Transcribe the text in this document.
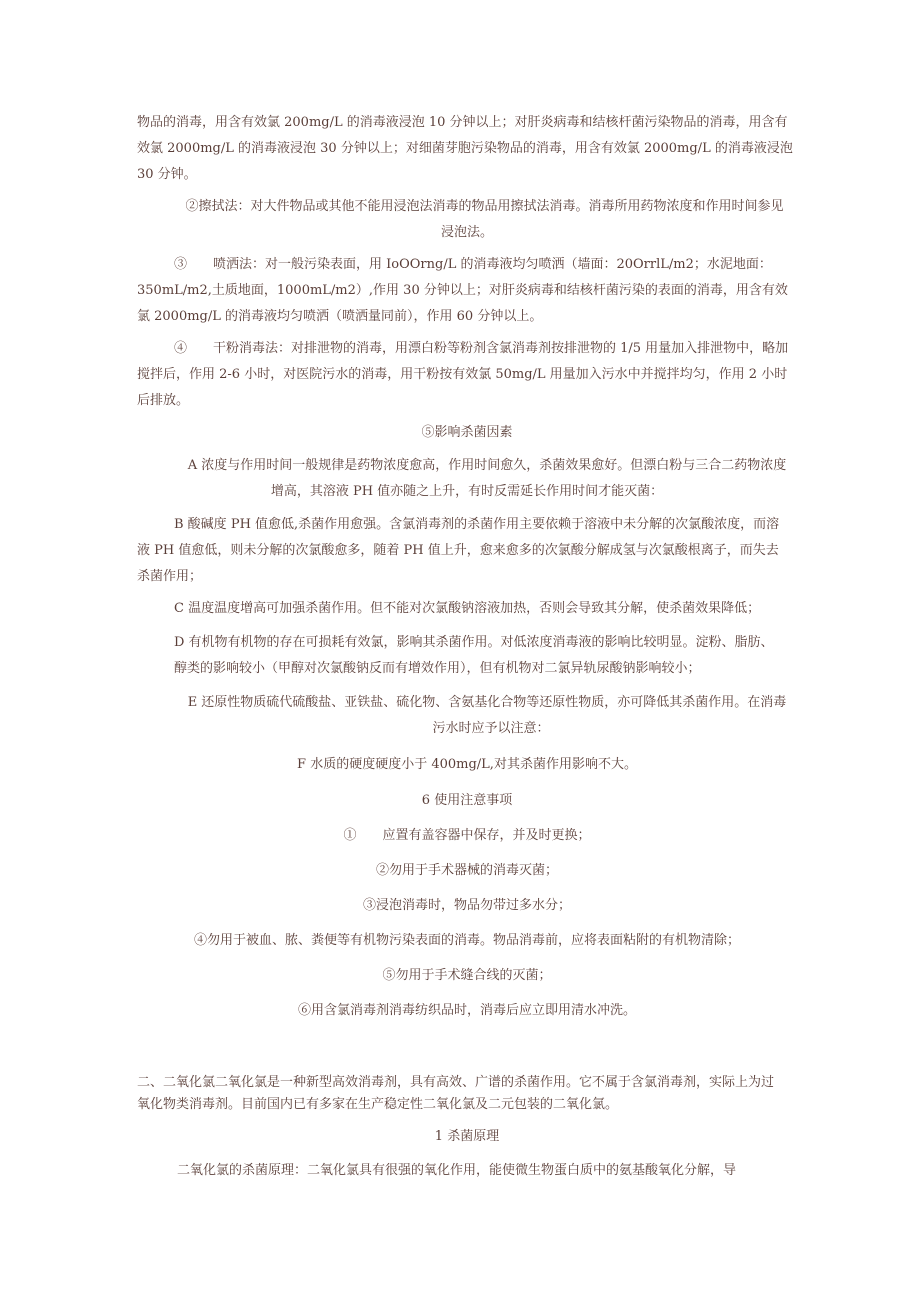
物品的消毒，用含有效氯 200mg∕L 的消毒液浸泡 10 分钟以上；对肝炎病毒和结核杆菌污染物品的消毒，用含有
效氯 2000mg∕L 的消毒液浸泡 30 分钟以上；对细菌芽胞污染物品的消毒，用含有效氯 2000mg∕L 的消毒液浸泡
30 分钟。
②擦拭法：对大件物品或其他不能用浸泡法消毒的物品用擦拭法消毒。消毒所用药物浓度和作用时间参见
浸泡法。
③　　喷洒法：对一般污染表面，用 IoOOrng/L 的消毒液均匀喷洒（墙面：20OrrlL/m2；水泥地面：
350mL∕m2,土质地面，1000mL∕m2）,作用 30 分钟以上；对肝炎病毒和结核杆菌污染的表面的消毒，用含有效
氯 2000mg∕L 的消毒液均匀喷洒（喷洒量同前），作用 60 分钟以上。
④　　干粉消毒法：对排泄物的消毒，用漂白粉等粉剂含氯消毒剂按排泄物的 1/5 用量加入排泄物中，略加
搅拌后，作用 2-6 小时，对医院污水的消毒，用干粉按有效氯 50mg∕L 用量加入污水中并搅拌均匀，作用 2 小时
后排放。
⑤影响杀菌因素
A 浓度与作用时间一般规律是药物浓度愈高，作用时间愈久，杀菌效果愈好。但漂白粉与三合二药物浓度
增高，其溶液 PH 值亦随之上升，有时反需延长作用时间才能灭菌：
B 酸碱度 PH 值愈低,杀菌作用愈强。含氯消毒剂的杀菌作用主要依赖于溶液中未分解的次氯酸浓度，而溶
液 PH 值愈低，则未分解的次氯酸愈多，随着 PH 值上升，愈来愈多的次氯酸分解成氢与次氯酸根离子，而失去
杀菌作用；
C 温度温度增高可加强杀菌作用。但不能对次氯酸钠溶液加热，否则会导致其分解，使杀菌效果降低；
D 有机物有机物的存在可损耗有效氯，影响其杀菌作用。对低浓度消毒液的影响比较明显。淀粉、脂肪、
醇类的影响较小（甲醇对次氯酸钠反而有增效作用），但有机物对二氯异轨尿酸钠影响较小；
E 还原性物质硫代硫酸盐、亚铁盐、硫化物、含氨基化合物等还原性物质，亦可降低其杀菌作用。在消毒
污水时应予以注意：
F 水质的硬度硬度小于 400mg∕L,对其杀菌作用影响不大。
6 使用注意事项
①　　应置有盖容器中保存，并及时更换；
②勿用于手术器械的消毒灭菌；
③浸泡消毒时，物品勿带过多水分；
④勿用于被血、脓、粪便等有机物污染表面的消毒。物品消毒前，应将表面粘附的有机物清除；
⑤勿用于手术缝合线的灭菌；
⑥用含氯消毒剂消毒纺织品时，消毒后应立即用清水冲洗。
二、二氧化氯二氧化氯是一种新型高效消毒剂，具有高效、广谱的杀菌作用。它不属于含氯消毒剂，实际上为过
氧化物类消毒剂。目前国内已有多家在生产稳定性二氧化氯及二元包装的二氧化氯。
1 杀菌原理
二氧化氯的杀菌原理：二氧化氯具有很强的氧化作用，能使微生物蛋白质中的氨基酸氧化分解，导
